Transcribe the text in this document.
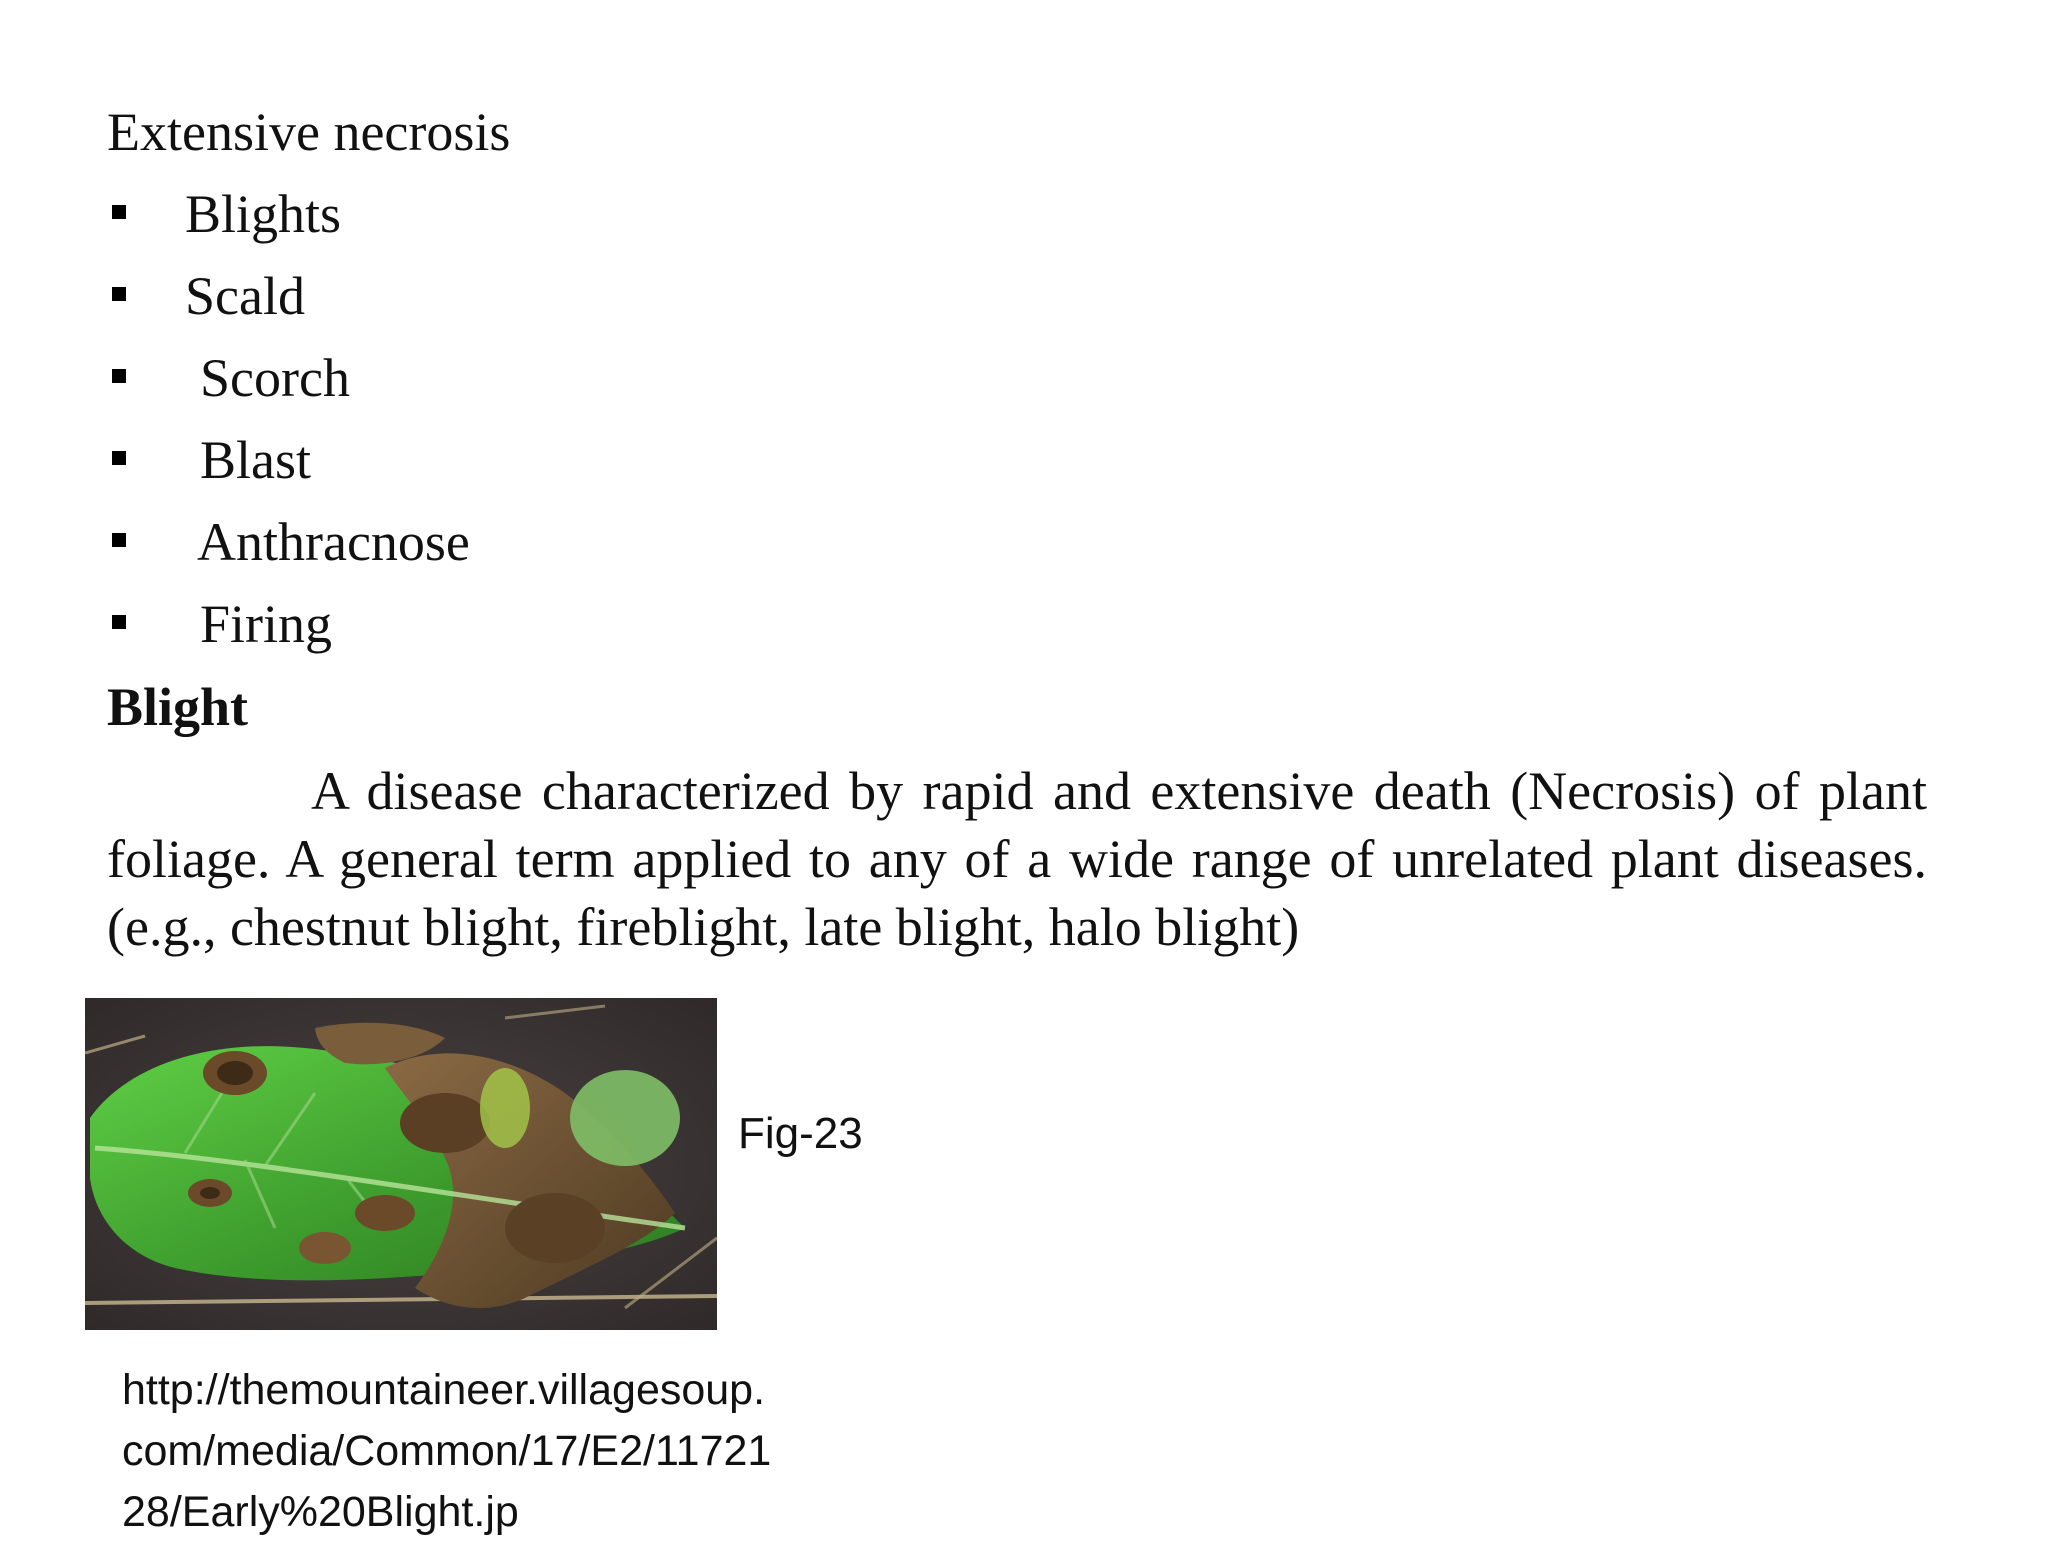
Extensive necrosis
Blights
Scald
Scorch
Blast
Anthracnose
Firing
Blight

A disease characterized by rapid and extensive death (Necrosis) of plant foliage. A general term applied to any of a wide range of unrelated plant diseases. (e.g., chestnut blight, fireblight, late blight, halo blight)

Fig-23

http://themountaineer.villagesoup.com/media/Common/17/E2/1172128/Early%20Blight.jp
